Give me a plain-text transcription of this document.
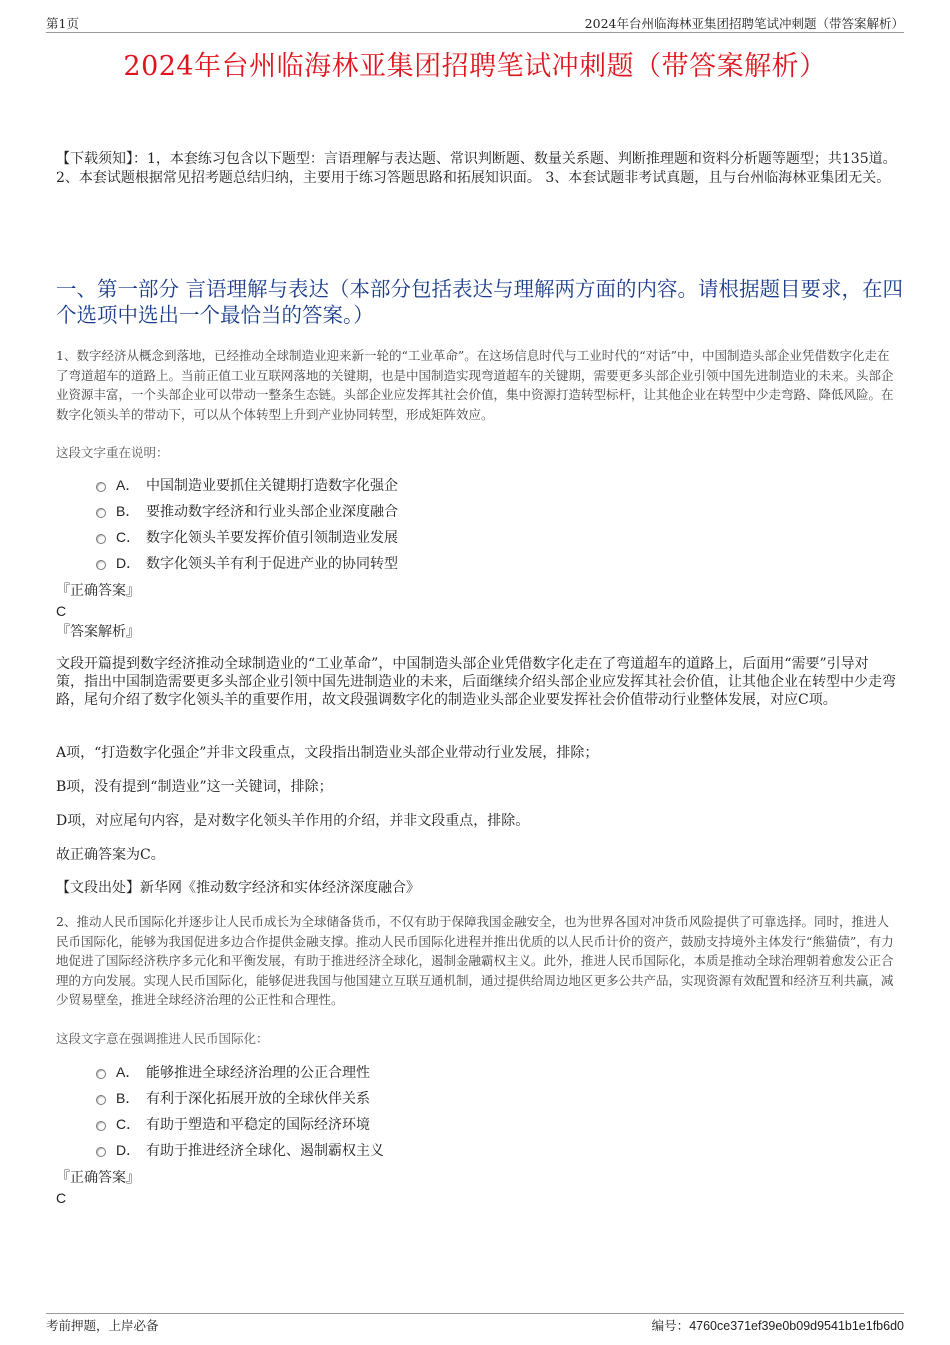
第1页	2024年台州临海林亚集团招聘笔试冲刺题（带答案解析）
2024年台州临海林亚集团招聘笔试冲刺题（带答案解析）
【下载须知】：1，本套练习包含以下题型：言语理解与表达题、常识判断题、数量关系题、判断推理题和资料分析题等题型；共135道。 2、本套试题根据常见招考题总结归纳，主要用于练习答题思路和拓展知识面。 3、本套试题非考试真题，且与台州临海林亚集团无关。
一、第一部分 言语理解与表达（本部分包括表达与理解两方面的内容。请根据题目要求，在四个选项中选出一个最恰当的答案。）
1、数字经济从概念到落地，已经推动全球制造业迎来新一轮的“工业革命”。在这场信息时代与工业时代的“对话”中，中国制造头部企业凭借数字化走在了弯道超车的道路上。当前正值工业互联网落地的关键期，也是中国制造实现弯道超车的关键期，需要更多头部企业引领中国先进制造业的未来。头部企业资源丰富，一个头部企业可以带动一整条生态链。头部企业应发挥其社会价值，集中资源打造转型标杆，让其他企业在转型中少走弯路、降低风险。在数字化领头羊的带动下，可以从个体转型上升到产业协同转型，形成矩阵效应。
这段文字重在说明：
A． 中国制造业要抓住关键期打造数字化强企
B． 要推动数字经济和行业头部企业深度融合
C． 数字化领头羊要发挥价值引领制造业发展
D． 数字化领头羊有利于促进产业的协同转型
『正确答案』
C
『答案解析』
文段开篇提到数字经济推动全球制造业的“工业革命”，中国制造头部企业凭借数字化走在了弯道超车的道路上，后面用“需要”引导对策，指出中国制造需要更多头部企业引领中国先进制造业的未来，后面继续介绍头部企业应发挥其社会价值，让其他企业在转型中少走弯路，尾句介绍了数字化领头羊的重要作用，故文段强调数字化的制造业头部企业要发挥社会价值带动行业整体发展，对应C项。
A项，“打造数字化强企”并非文段重点，文段指出制造业头部企业带动行业发展，排除；
B项，没有提到“制造业”这一关键词，排除；
D项，对应尾句内容，是对数字化领头羊作用的介绍，并非文段重点，排除。
故正确答案为C。
【文段出处】新华网《推动数字经济和实体经济深度融合》
2、推动人民币国际化并逐步让人民币成长为全球储备货币，不仅有助于保障我国金融安全，也为世界各国对冲货币风险提供了可靠选择。同时，推进人民币国际化，能够为我国促进多边合作提供金融支撑。推动人民币国际化进程并推出优质的以人民币计价的资产，鼓励支持境外主体发行“熊猫债”，有力地促进了国际经济秩序多元化和平衡发展，有助于推进经济全球化，遏制金融霸权主义。此外，推进人民币国际化，本质是推动全球治理朝着愈发公正合理的方向发展。实现人民币国际化，能够促进我国与他国建立互联互通机制，通过提供给周边地区更多公共产品，实现资源有效配置和经济互利共赢，减少贸易壁垒，推进全球经济治理的公正性和合理性。
这段文字意在强调推进人民币国际化：
A． 能够推进全球经济治理的公正合理性
B． 有利于深化拓展开放的全球伙伴关系
C． 有助于塑造和平稳定的国际经济环境
D． 有助于推进经济全球化、遏制霸权主义
『正确答案』
C
考前押题，上岸必备	编号：4760ce371ef39e0b09d9541b1e1fb6d0
